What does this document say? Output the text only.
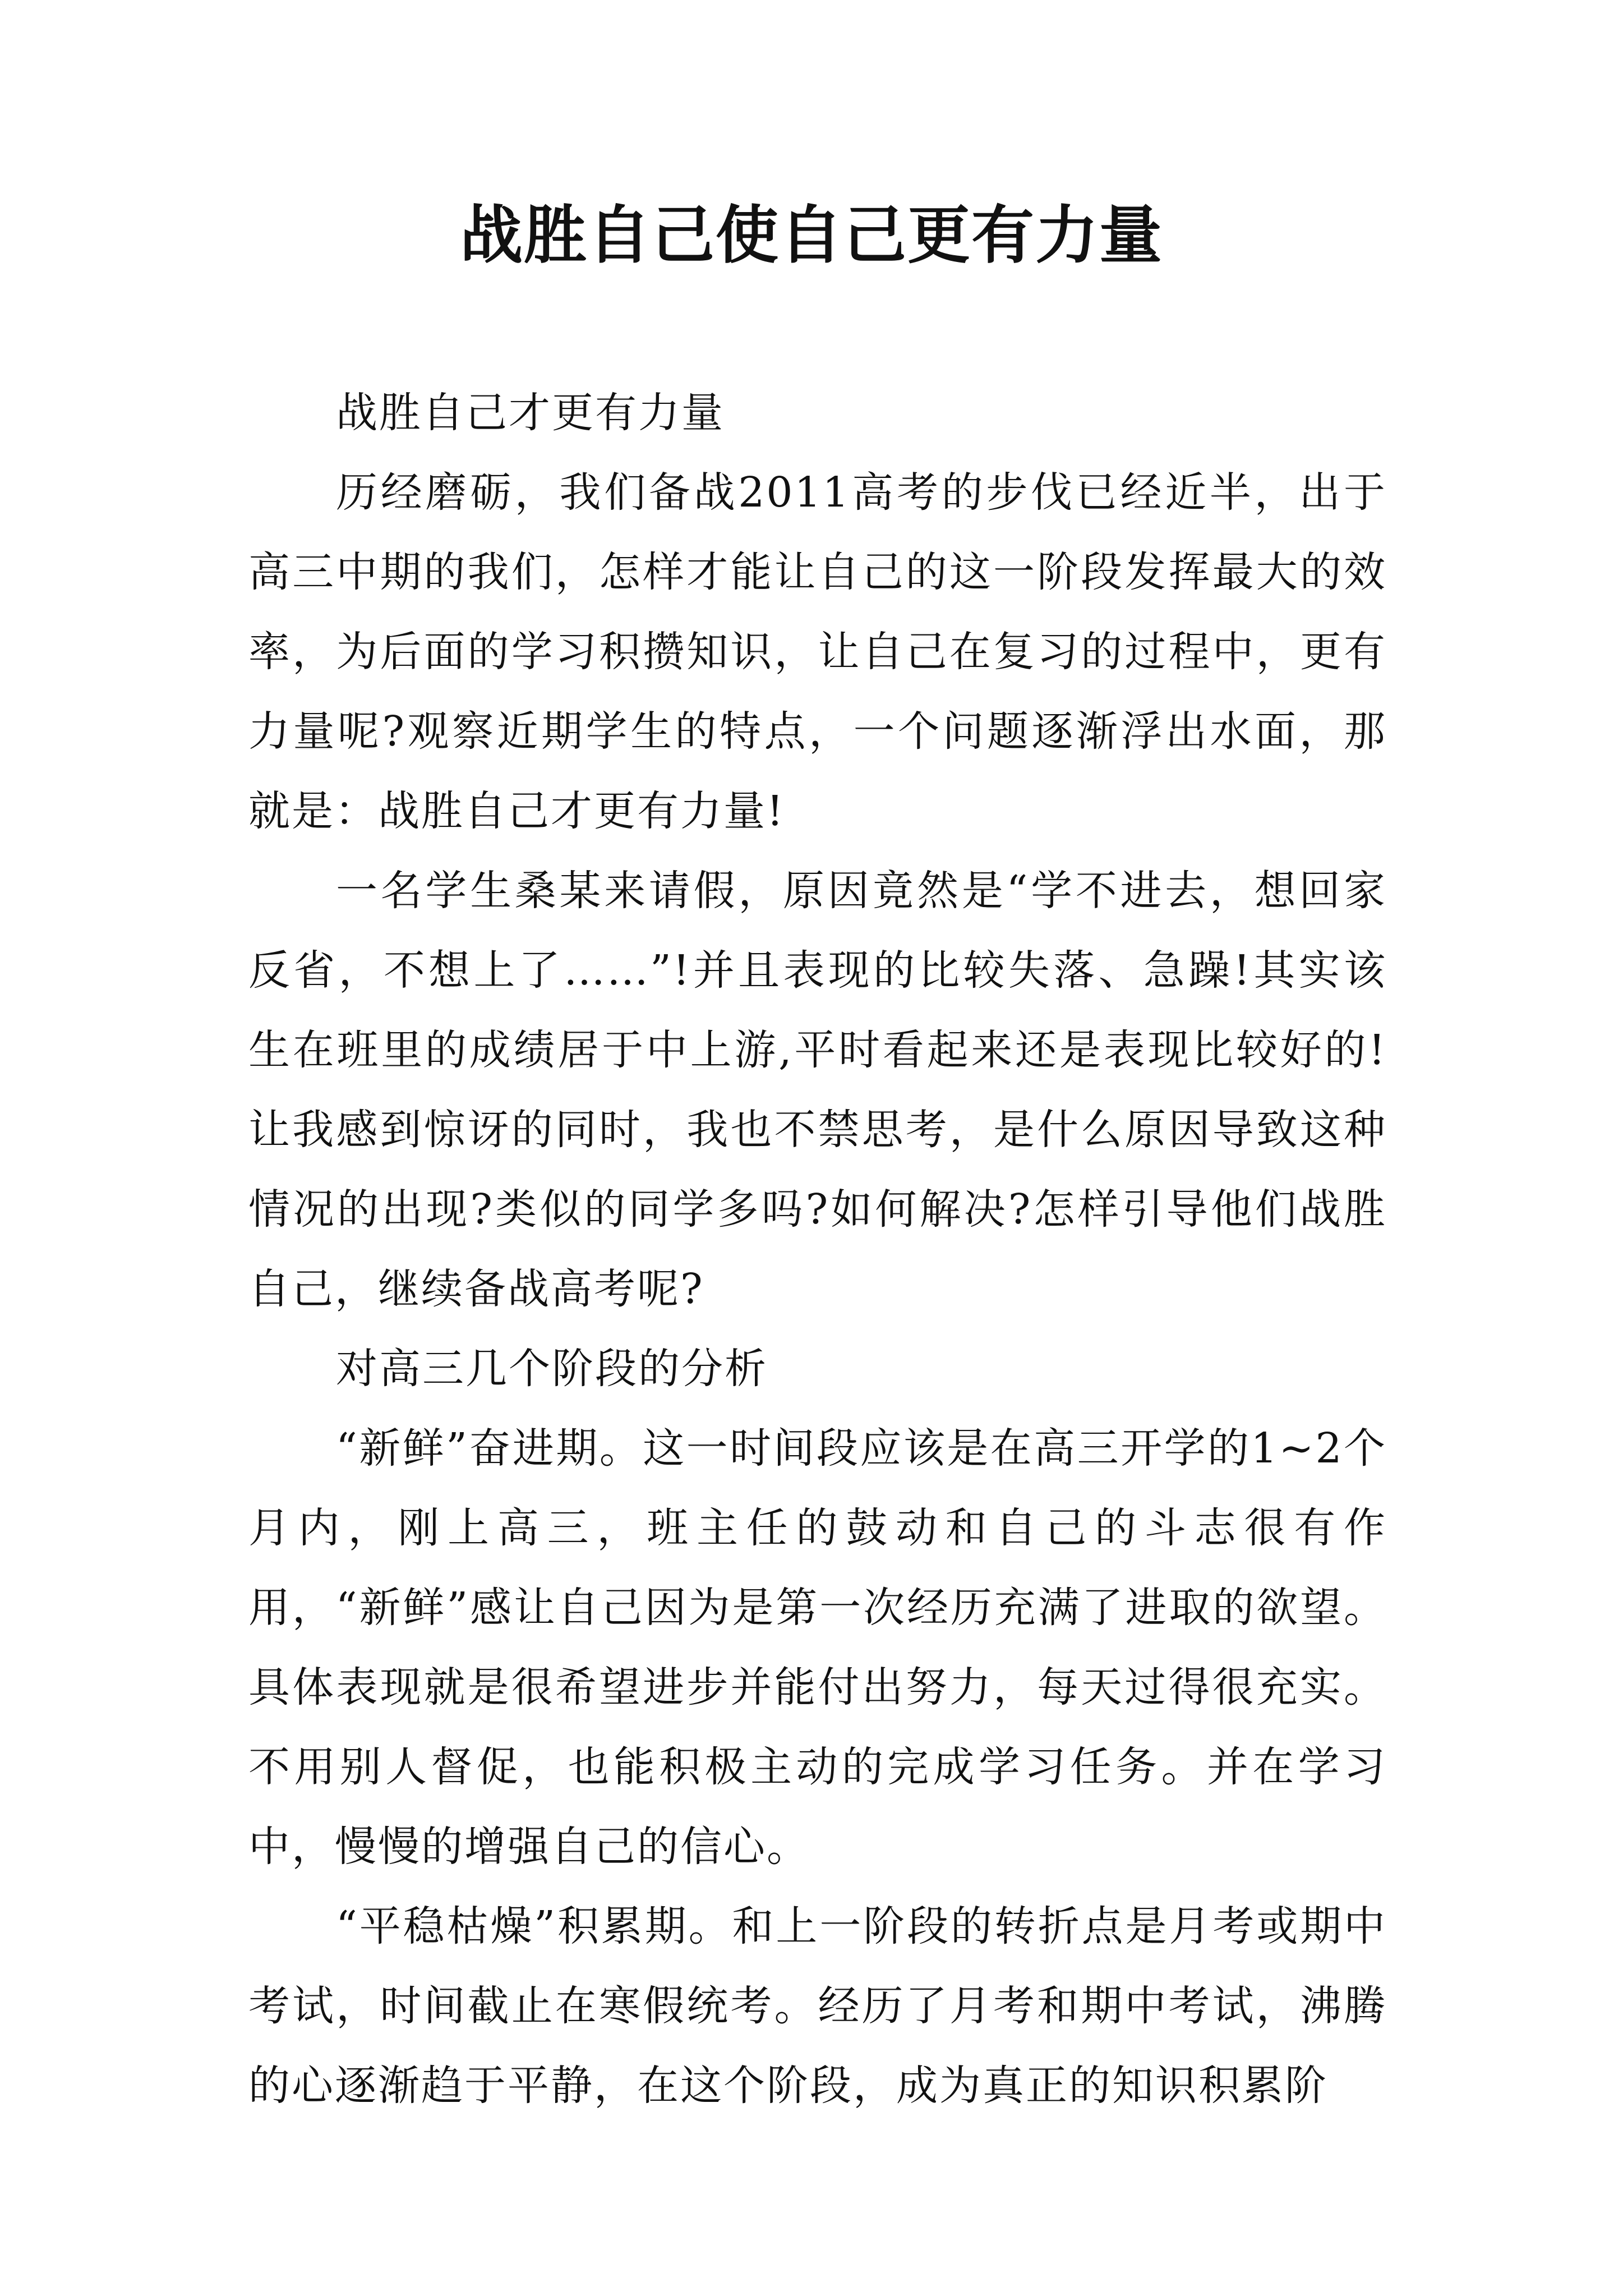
战胜自己使自己更有力量

战胜自己才更有力量

历经磨砺，我们备战2011高考的步伐已经近半，出于高三中期的我们，怎样才能让自己的这一阶段发挥最大的效率，为后面的学习积攒知识，让自己在复习的过程中，更有力量呢?观察近期学生的特点，一个问题逐渐浮出水面，那就是：战胜自己才更有力量!

一名学生桑某来请假，原因竟然是“学不进去，想回家反省，不想上了……”!并且表现的比较失落、急躁!其实该生在班里的成绩居于中上游,平时看起来还是表现比较好的!让我感到惊讶的同时，我也不禁思考，是什么原因导致这种情况的出现?类似的同学多吗?如何解决?怎样引导他们战胜自己，继续备战高考呢?

对高三几个阶段的分析

“新鲜”奋进期。这一时间段应该是在高三开学的1~2个月内，刚上高三，班主任的鼓动和自己的斗志很有作用，“新鲜”感让自己因为是第一次经历充满了进取的欲望。具体表现就是很希望进步并能付出努力，每天过得很充实。不用别人督促，也能积极主动的完成学习任务。并在学习中，慢慢的增强自己的信心。

“平稳枯燥”积累期。和上一阶段的转折点是月考或期中考试，时间截止在寒假统考。经历了月考和期中考试，沸腾的心逐渐趋于平静，在这个阶段，成为真正的知识积累阶
